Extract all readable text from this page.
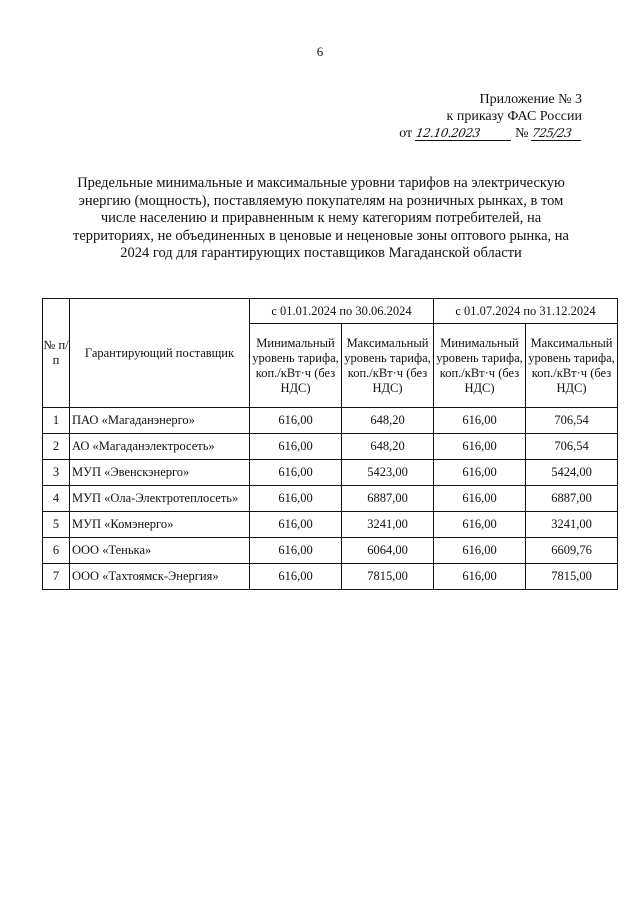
6
Приложение № 3
к приказу ФАС России
от 12.10.2023 № 725/23
Предельные минимальные и максимальные уровни тарифов на электрическую энергию (мощность), поставляемую покупателям на розничных рынках, в том числе населению и приравненным к нему категориям потребителей, на территориях, не объединенных в ценовые и неценовые зоны оптового рынка, на 2024 год для гарантирующих поставщиков Магаданской области
№ п/п	Гарантирующий поставщик	с 01.01.2024 по 30.06.2024		с 01.07.2024 по 31.12.2024	
		Минимальный уровень тарифа, коп./кВт·ч (без НДС)	Максимальный уровень тарифа, коп./кВт·ч (без НДС)	Минимальный уровень тарифа, коп./кВт·ч (без НДС)	Максимальный уровень тарифа, коп./кВт·ч (без НДС)
1	ПАО «Магаданэнерго»	616,00	648,20	616,00	706,54
2	АО «Магаданэлектросеть»	616,00	648,20	616,00	706,54
3	МУП «Эвенскэнерго»	616,00	5423,00	616,00	5424,00
4	МУП «Ола-Электротеплосеть»	616,00	6887,00	616,00	6887,00
5	МУП «Комэнерго»	616,00	3241,00	616,00	3241,00
6	ООО «Тенька»	616,00	6064,00	616,00	6609,76
7	ООО «Тахтоямск-Энергия»	616,00	7815,00	616,00	7815,00
